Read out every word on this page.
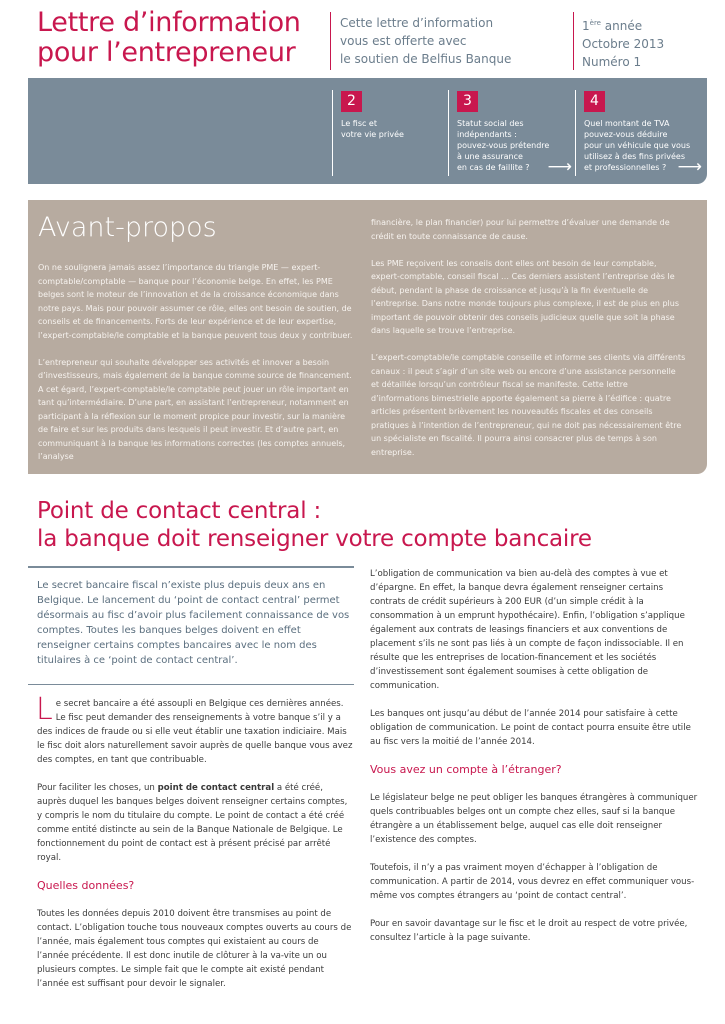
Lettre d’information
pour l’entrepreneur
Cette lettre d’information
vous est offerte avec
le soutien de Belfius Banque
1ère année
Octobre 2013
Numéro 1
2
Le fisc et
votre vie privée
3
Statut social des
indépendants :
pouvez-vous prétendre
à une assurance
en cas de faillite ?	⟶
4
Quel montant de TVA
pouvez-vous déduire
pour un véhicule que vous
utilisez à des fins privées
et professionnelles ? ⟶
Avant-propos

On ne soulignera jamais assez l’importance du triangle PME — expert-comptable/comptable — banque pour l’économie belge. En effet, les PME belges sont le moteur de l’innovation et de la croissance économique dans notre pays. Mais pour pouvoir assumer ce rôle, elles ont besoin de soutien, de conseils et de financements. Forts de leur expérience et de leur expertise, l’expert-comptable/le comptable et la banque peuvent tous deux y contribuer.

L’entrepreneur qui souhaite développer ses activités et innover a besoin d’investisseurs, mais également de la banque comme source de financement. A cet égard, l’expert-comptable/le comptable peut jouer un rôle important en tant qu’intermédiaire. D’une part, en assistant l’entrepreneur, notamment en participant à la réflexion sur le moment propice pour investir, sur la manière de faire et sur les produits dans lesquels il peut investir. Et d’autre part, en communiquant à la banque les informations correctes (les comptes annuels, l’analyse

financière, le plan financier) pour lui permettre d’évaluer une demande de crédit en toute connaissance de cause.

Les PME reçoivent les conseils dont elles ont besoin de leur comptable, expert-comptable, conseil fiscal … Ces derniers assistent l’entreprise dès le début, pendant la phase de croissance et jusqu’à la fin éventuelle de l’entreprise. Dans notre monde toujours plus complexe, il est de plus en plus important de pouvoir obtenir des conseils judicieux quelle que soit la phase dans laquelle se trouve l’entreprise.

L’expert-comptable/le comptable conseille et informe ses clients via différents canaux : il peut s’agir d’un site web ou encore d’une assistance personnelle et détaillée lorsqu’un contrôleur fiscal se manifeste. Cette lettre d’informations bimestrielle apporte également sa pierre à l’édifice : quatre articles présentent brièvement les nouveautés fiscales et des conseils pratiques à l’intention de l’entrepreneur, qui ne doit pas nécessairement être un spécialiste en fiscalité. Il pourra ainsi consacrer plus de temps à son entreprise.

Point de contact central :
la banque doit renseigner votre compte bancaire

Le secret bancaire fiscal n’existe plus depuis deux ans en Belgique. Le lancement du ‘point de contact central’ permet désormais au fisc d’avoir plus facilement connaissance de vos comptes. Toutes les banques belges doivent en effet renseigner certains comptes bancaires avec le nom des titulaires à ce ‘point de contact central’.

Le secret bancaire a été assoupli en Belgique ces dernières années. Le fisc peut demander des renseignements à votre banque s’il y a des indices de fraude ou si elle veut établir une taxation indiciaire. Mais le fisc doit alors naturellement savoir auprès de quelle banque vous avez des comptes, en tant que contribuable.

Pour faciliter les choses, un point de contact central a été créé, auprès duquel les banques belges doivent renseigner certains comptes, y compris le nom du titulaire du compte. Le point de contact a été créé comme entité distincte au sein de la Banque Nationale de Belgique. Le fonctionnement du point de contact est à présent précisé par arrêté royal.

Quelles données?

Toutes les données depuis 2010 doivent être transmises au point de contact. L’obligation touche tous nouveaux comptes ouverts au cours de l’année, mais également tous comptes qui existaient au cours de l’année précédente. Il est donc inutile de clôturer à la va-vite un ou plusieurs comptes. Le simple fait que le compte ait existé pendant l’année est suffisant pour devoir le signaler.

L’obligation de communication va bien au-delà des comptes à vue et d’épargne. En effet, la banque devra également renseigner certains contrats de crédit supérieurs à 200 EUR (d’un simple crédit à la consommation à un emprunt hypothécaire). Enfin, l’obligation s’applique également aux contrats de leasings financiers et aux conventions de placement s’ils ne sont pas liés à un compte de façon indissociable. Il en résulte que les entreprises de location-financement et les sociétés d’investissement sont également soumises à cette obligation de communication.

Les banques ont jusqu’au début de l’année 2014 pour satisfaire à cette obligation de communication. Le point de contact pourra ensuite être utile au fisc vers la moitié de l’année 2014.

Vous avez un compte à l’étranger?

Le législateur belge ne peut obliger les banques étrangères à communiquer quels contribuables belges ont un compte chez elles, sauf si la banque étrangère a un établissement belge, auquel cas elle doit renseigner l’existence des comptes.

Toutefois, il n’y a pas vraiment moyen d’échapper à l’obligation de communication. A partir de 2014, vous devrez en effet communiquer vous-même vos comptes étrangers au ‘point de contact central’.

Pour en savoir davantage sur le fisc et le droit au respect de votre privée, consultez l’article à la page suivante.
